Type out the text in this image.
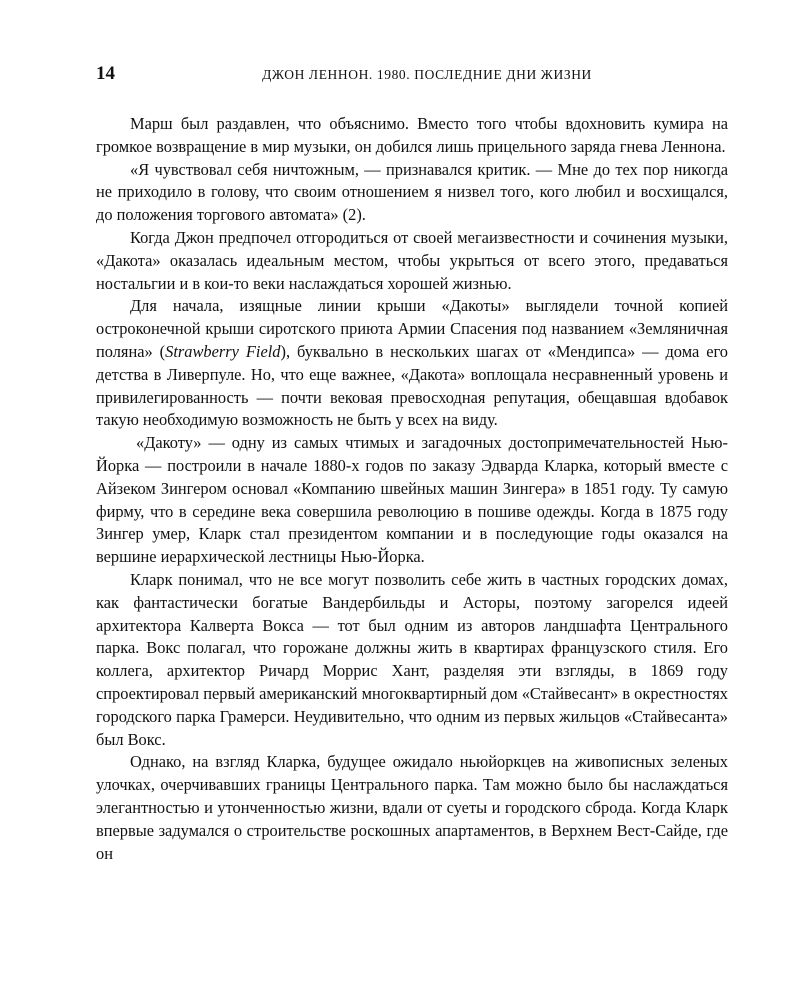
14	ДЖОН ЛЕННОН. 1980. ПОСЛЕДНИЕ ДНИ ЖИЗНИ

Марш был раздавлен, что объяснимо. Вместо того чтобы вдохновить кумира на громкое возвращение в мир музыки, он добился лишь прицельного заряда гнева Леннона.

«Я чувствовал себя ничтожным, — признавался критик. — Мне до тех пор никогда не приходило в голову, что своим отношением я низвел того, кого любил и восхищался, до положения торгового автомата» (2).

Когда Джон предпочел отгородиться от своей мегаизвестности и сочинения музыки, «Дакота» оказалась идеальным местом, чтобы укрыться от всего этого, предаваться ностальгии и в кои-то веки наслаждаться хорошей жизнью.

Для начала, изящные линии крыши «Дакоты» выглядели точной копией остроконечной крыши сиротского приюта Армии Спасения под названием «Земляничная поляна» (Strawberry Field), буквально в нескольких шагах от «Мендипса» — дома его детства в Ливерпуле. Но, что еще важнее, «Дакота» воплощала несравненный уровень и привилегированность — почти вековая превосходная репутация, обещавшая вдобавок такую необходимую возможность не быть у всех на виду.

«Дакоту» — одну из самых чтимых и загадочных достопримечательностей Нью-Йорка — построили в начале 1880-х годов по заказу Эдварда Кларка, который вместе с Айзеком Зингером основал «Компанию швейных машин Зингера» в 1851 году. Ту самую фирму, что в середине века совершила революцию в пошиве одежды. Когда в 1875 году Зингер умер, Кларк стал президентом компании и в последующие годы оказался на вершине иерархической лестницы Нью-Йорка.

Кларк понимал, что не все могут позволить себе жить в частных городских домах, как фантастически богатые Вандербильды и Асторы, поэтому загорелся идеей архитектора Калверта Вокса — тот был одним из авторов ландшафта Центрального парка. Вокс полагал, что горожане должны жить в квартирах французского стиля. Его коллега, архитектор Ричард Моррис Хант, разделяя эти взгляды, в 1869 году спроектировал первый американский многоквартирный дом «Стайвесант» в окрестностях городского парка Грамерси. Неудивительно, что одним из первых жильцов «Стайвесанта» был Вокс.

Однако, на взгляд Кларка, будущее ожидало ньюйоркцев на живописных зеленых улочках, очерчивавших границы Центрального парка. Там можно было бы наслаждаться элегантностью и утонченностью жизни, вдали от суеты и городского сброда. Когда Кларк впервые задумался о строительстве роскошных апартаментов, в Верхнем Вест-Сайде, где он
